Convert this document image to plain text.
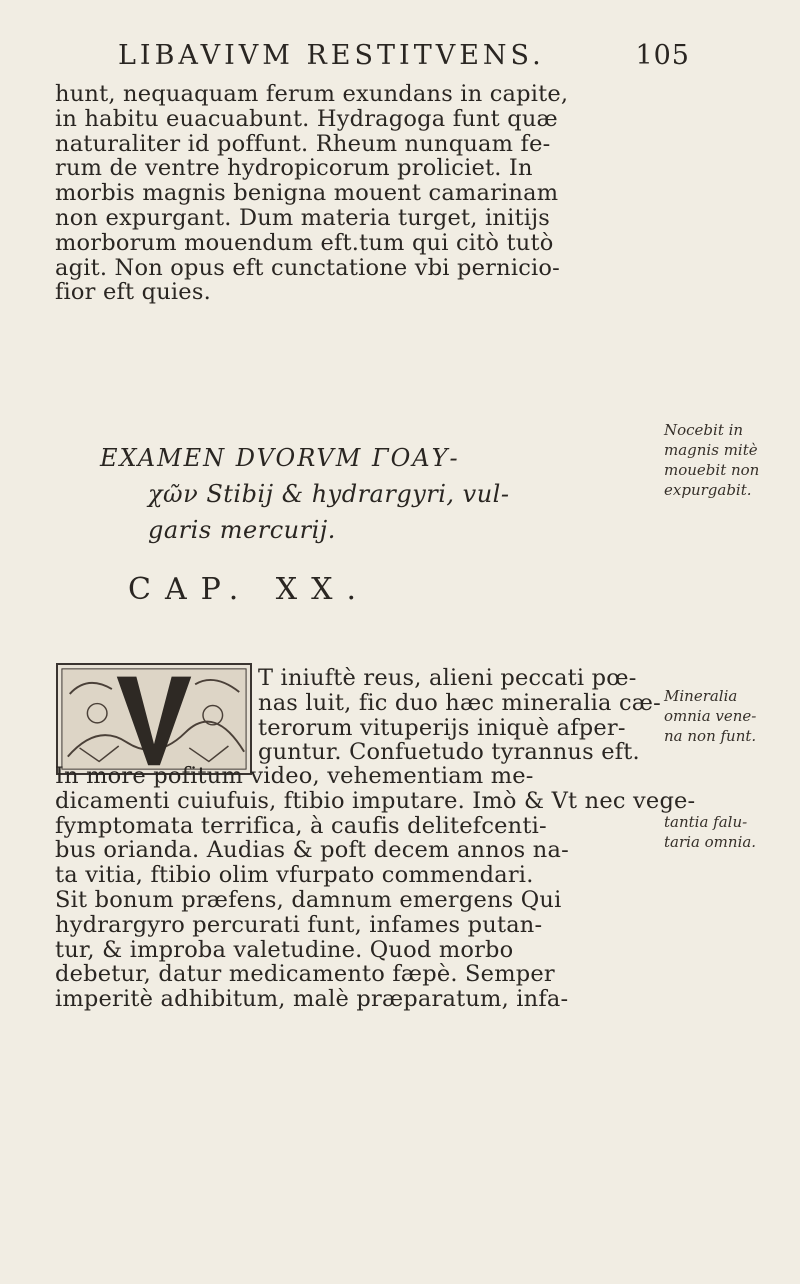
LIBAVIVM RESTITVENS.	105
hunt, nequaquam ferum exundans in capite,
in habitu euacuabunt. Hydragoga funt quæ
naturaliter id poffunt. Rheum nunquam fe-
rum de ventre hydropicorum proliciet. In
morbis magnis benigna mouent camarinam
non expurgant. Dum materia turget, initijs
morborum mouendum eft.tum qui citò tutò
agit. Non opus eft cunctatione vbi pernicio-
fior eft quies.
Nocebit in
magnis mitè
mouebit non
expurgabit.
EXAMEN DVORVM ΓΟΑΥ-
χῶν Stibij & hydrargyri, vul-
garis mercurij.
CAP. XX.
T iniuftè reus, alieni peccati pœ-
nas luit, fic duo hæc mineralia cæ-
terorum vituperijs iniquè afper-
guntur. Confuetudo tyrannus eft.
Mineralia
omnia vene-
na non funt.
In more pofitum video, vehementiam me-
dicamenti cuiufuis, ftibio imputare. Imò & Vt nec vege-
fymptomata terrifica, à caufis delitefcenti-
bus orianda. Audias & poft decem annos na-
ta vitia, ftibio olim vfurpato commendari.
Sit bonum præfens, damnum emergens Qui
hydrargyro percurati funt, infames putan-
tur, & improba valetudine. Quod morbo
debetur, datur medicamento fæpè. Semper
imperitè adhibitum, malè præparatum, infa-
tantia falu-
taria omnia.
